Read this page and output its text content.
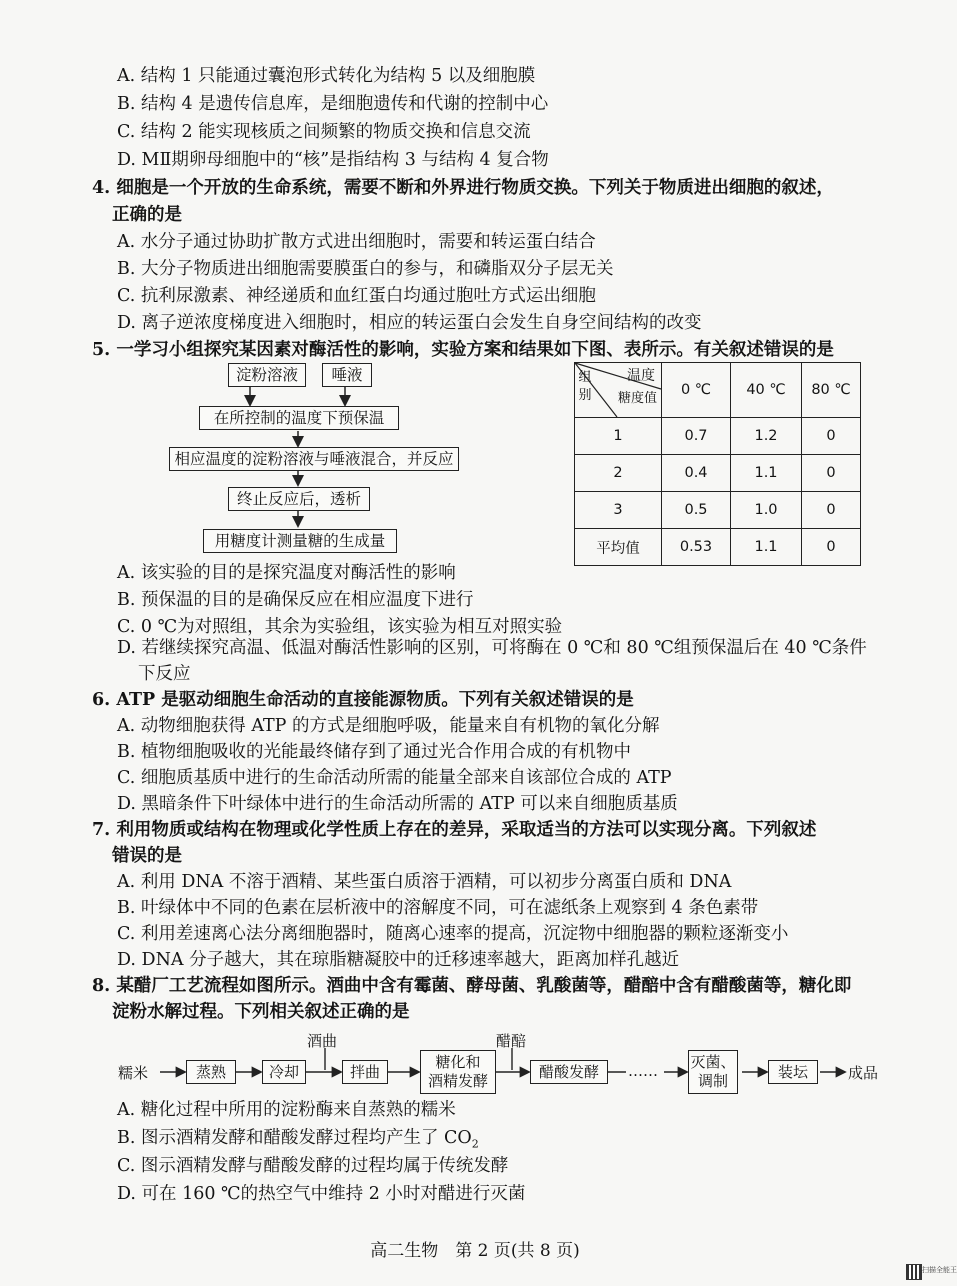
A. 结构 1 只能通过囊泡形式转化为结构 5 以及细胞膜
B. 结构 4 是遗传信息库，是细胞遗传和代谢的控制中心
C. 结构 2 能实现核质之间频繁的物质交换和信息交流
D. MⅡ期卵母细胞中的“核”是指结构 3 与结构 4 复合物
4. 细胞是一个开放的生命系统，需要不断和外界进行物质交换。下列关于物质进出细胞的叙述，
正确的是
A. 水分子通过协助扩散方式进出细胞时，需要和转运蛋白结合
B. 大分子物质进出细胞需要膜蛋白的参与，和磷脂双分子层无关
C. 抗利尿激素、神经递质和血红蛋白均通过胞吐方式运出细胞
D. 离子逆浓度梯度进入细胞时，相应的转运蛋白会发生自身空间结构的改变
5. 一学习小组探究某因素对酶活性的影响，实验方案和结果如下图、表所示。有关叙述错误的是
淀粉溶液	唾液
在所控制的温度下预保温
相应温度的淀粉溶液与唾液混合，并反应
终止反应后，透析
用糖度计测量糖的生成量
温度
糖度值
组别	0 ℃	40 ℃	80 ℃
1	0.7	1.2	0
2	0.4	1.1	0
3	0.5	1.0	0
平均值	0.53	1.1	0
A. 该实验的目的是探究温度对酶活性的影响
B. 预保温的目的是确保反应在相应温度下进行
C. 0 ℃为对照组，其余为实验组，该实验为相互对照实验
D. 若继续探究高温、低温对酶活性影响的区别，可将酶在 0 ℃和 80 ℃组预保温后在 40 ℃条件
下反应
6. ATP 是驱动细胞生命活动的直接能源物质。下列有关叙述错误的是
A. 动物细胞获得 ATP 的方式是细胞呼吸，能量来自有机物的氧化分解
B. 植物细胞吸收的光能最终储存到了通过光合作用合成的有机物中
C. 细胞质基质中进行的生命活动所需的能量全部来自该部位合成的 ATP
D. 黑暗条件下叶绿体中进行的生命活动所需的 ATP 可以来自细胞质基质
7. 利用物质或结构在物理或化学性质上存在的差异，采取适当的方法可以实现分离。下列叙述
错误的是
A. 利用 DNA 不溶于酒精、某些蛋白质溶于酒精，可以初步分离蛋白质和 DNA
B. 叶绿体中不同的色素在层析液中的溶解度不同，可在滤纸条上观察到 4 条色素带
C. 利用差速离心法分离细胞器时，随离心速率的提高，沉淀物中细胞器的颗粒逐渐变小
D. DNA 分子越大，其在琼脂糖凝胶中的迁移速率越大，距离加样孔越近
8. 某醋厂工艺流程如图所示。酒曲中含有霉菌、酵母菌、乳酸菌等，醋醅中含有醋酸菌等，糖化即
淀粉水解过程。下列相关叙述正确的是
糯米	蒸熟	冷却
酒曲
拌曲
糖化和
酒精发酵
醋醅
醋酸发酵	…… 灭菌、
调制
装坛	成品
A. 糖化过程中所用的淀粉酶来自蒸熟的糯米
B. 图示酒精发酵和醋酸发酵过程均产生了 $CO_2$
C. 图示酒精发酵与醋酸发酵的过程均属于传统发酵
D. 可在 160 ℃的热空气中维持 2 小时对醋进行灭菌
高二生物　第 2 页(共 8 页)
扫描全能王
